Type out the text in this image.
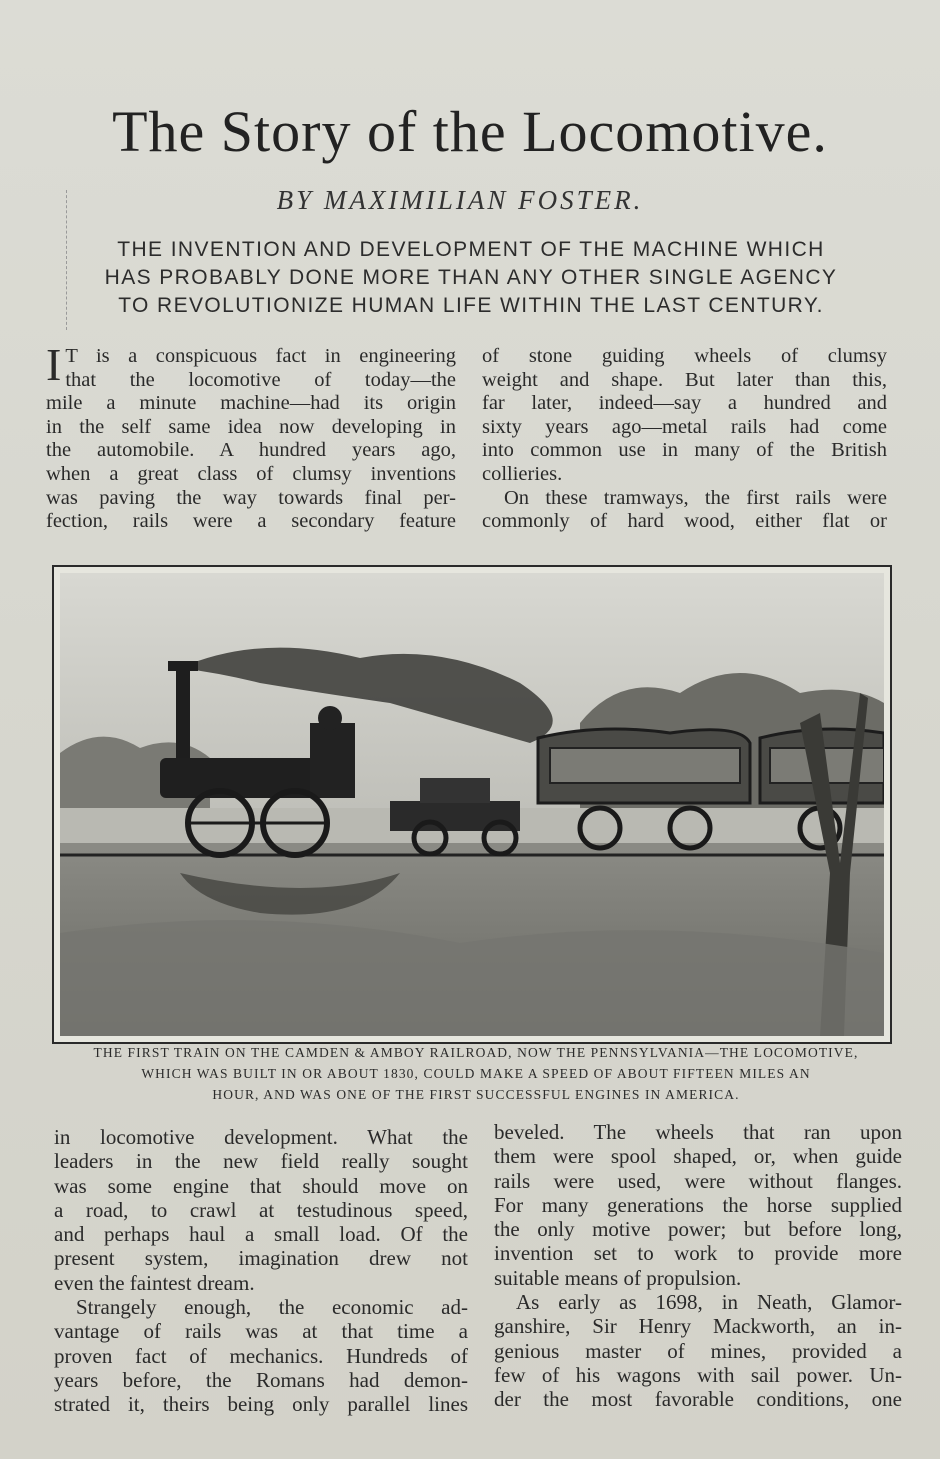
The Story of the Locomotive.
BY MAXIMILIAN FOSTER.
THE INVENTION AND DEVELOPMENT OF THE MACHINE WHICH
HAS PROBABLY DONE MORE THAN ANY OTHER SINGLE AGENCY
TO REVOLUTIONIZE HUMAN LIFE WITHIN THE LAST CENTURY.
I T is a conspicuous fact in engineering
that the locomotive of today—the
mile a minute machine—had its origin
in the self same idea now developing in
the automobile. A hundred years ago,
when a great class of clumsy inventions
was paving the way towards final per-
fection, rails were a secondary feature
of stone guiding wheels of clumsy
weight and shape. But later than this,
far later, indeed—say a hundred and
sixty years ago—metal rails had come
into common use in many of the British
collieries.
On these tramways, the first rails were
commonly of hard wood, either flat or
THE FIRST TRAIN ON THE CAMDEN & AMBOY RAILROAD, NOW THE PENNSYLVANIA—THE LOCOMOTIVE,
WHICH WAS BUILT IN OR ABOUT 1830, COULD MAKE A SPEED OF ABOUT FIFTEEN MILES AN
HOUR, AND WAS ONE OF THE FIRST SUCCESSFUL ENGINES IN AMERICA.
in locomotive development. What the
leaders in the new field really sought
was some engine that should move on
a road, to crawl at testudinous speed,
and perhaps haul a small load. Of the
present system, imagination drew not
even the faintest dream.
Strangely enough, the economic ad-
vantage of rails was at that time a
proven fact of mechanics. Hundreds of
years before, the Romans had demon-
strated it, theirs being only parallel lines
beveled. The wheels that ran upon
them were spool shaped, or, when guide
rails were used, were without flanges.
For many generations the horse supplied
the only motive power; but before long,
invention set to work to provide more
suitable means of propulsion.
As early as 1698, in Neath, Glamor-
ganshire, Sir Henry Mackworth, an in-
genious master of mines, provided a
few of his wagons with sail power. Un-
der the most favorable conditions, one
